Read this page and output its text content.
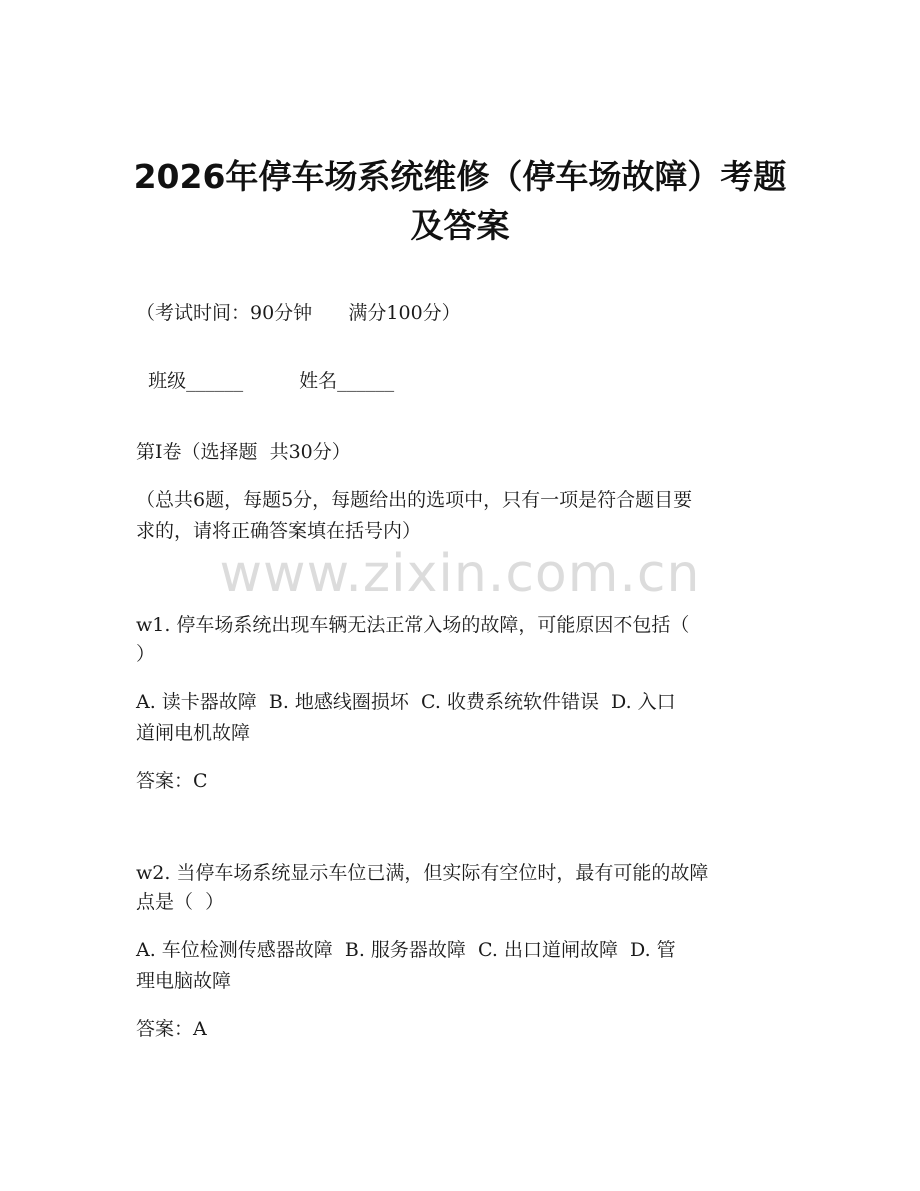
2026年停车场系统维修（停车场故障）考题
及答案
（考试时间：90分钟      满分100分）

班级______	姓名______

第Ⅰ卷（选择题  共30分）
（总共6题，每题5分，每题给出的选项中，只有一项是符合题目要
求的，请将正确答案填在括号内）
www.zixin.com.cn
w1. 停车场系统出现车辆无法正常入场的故障，可能原因不包括（
）
A. 读卡器故障  B. 地感线圈损坏  C. 收费系统软件错误  D. 入口
道闸电机故障
答案：C
w2. 当停车场系统显示车位已满，但实际有空位时，最有可能的故障
点是（  ）
A. 车位检测传感器故障  B. 服务器故障  C. 出口道闸故障  D. 管
理电脑故障
答案：A
